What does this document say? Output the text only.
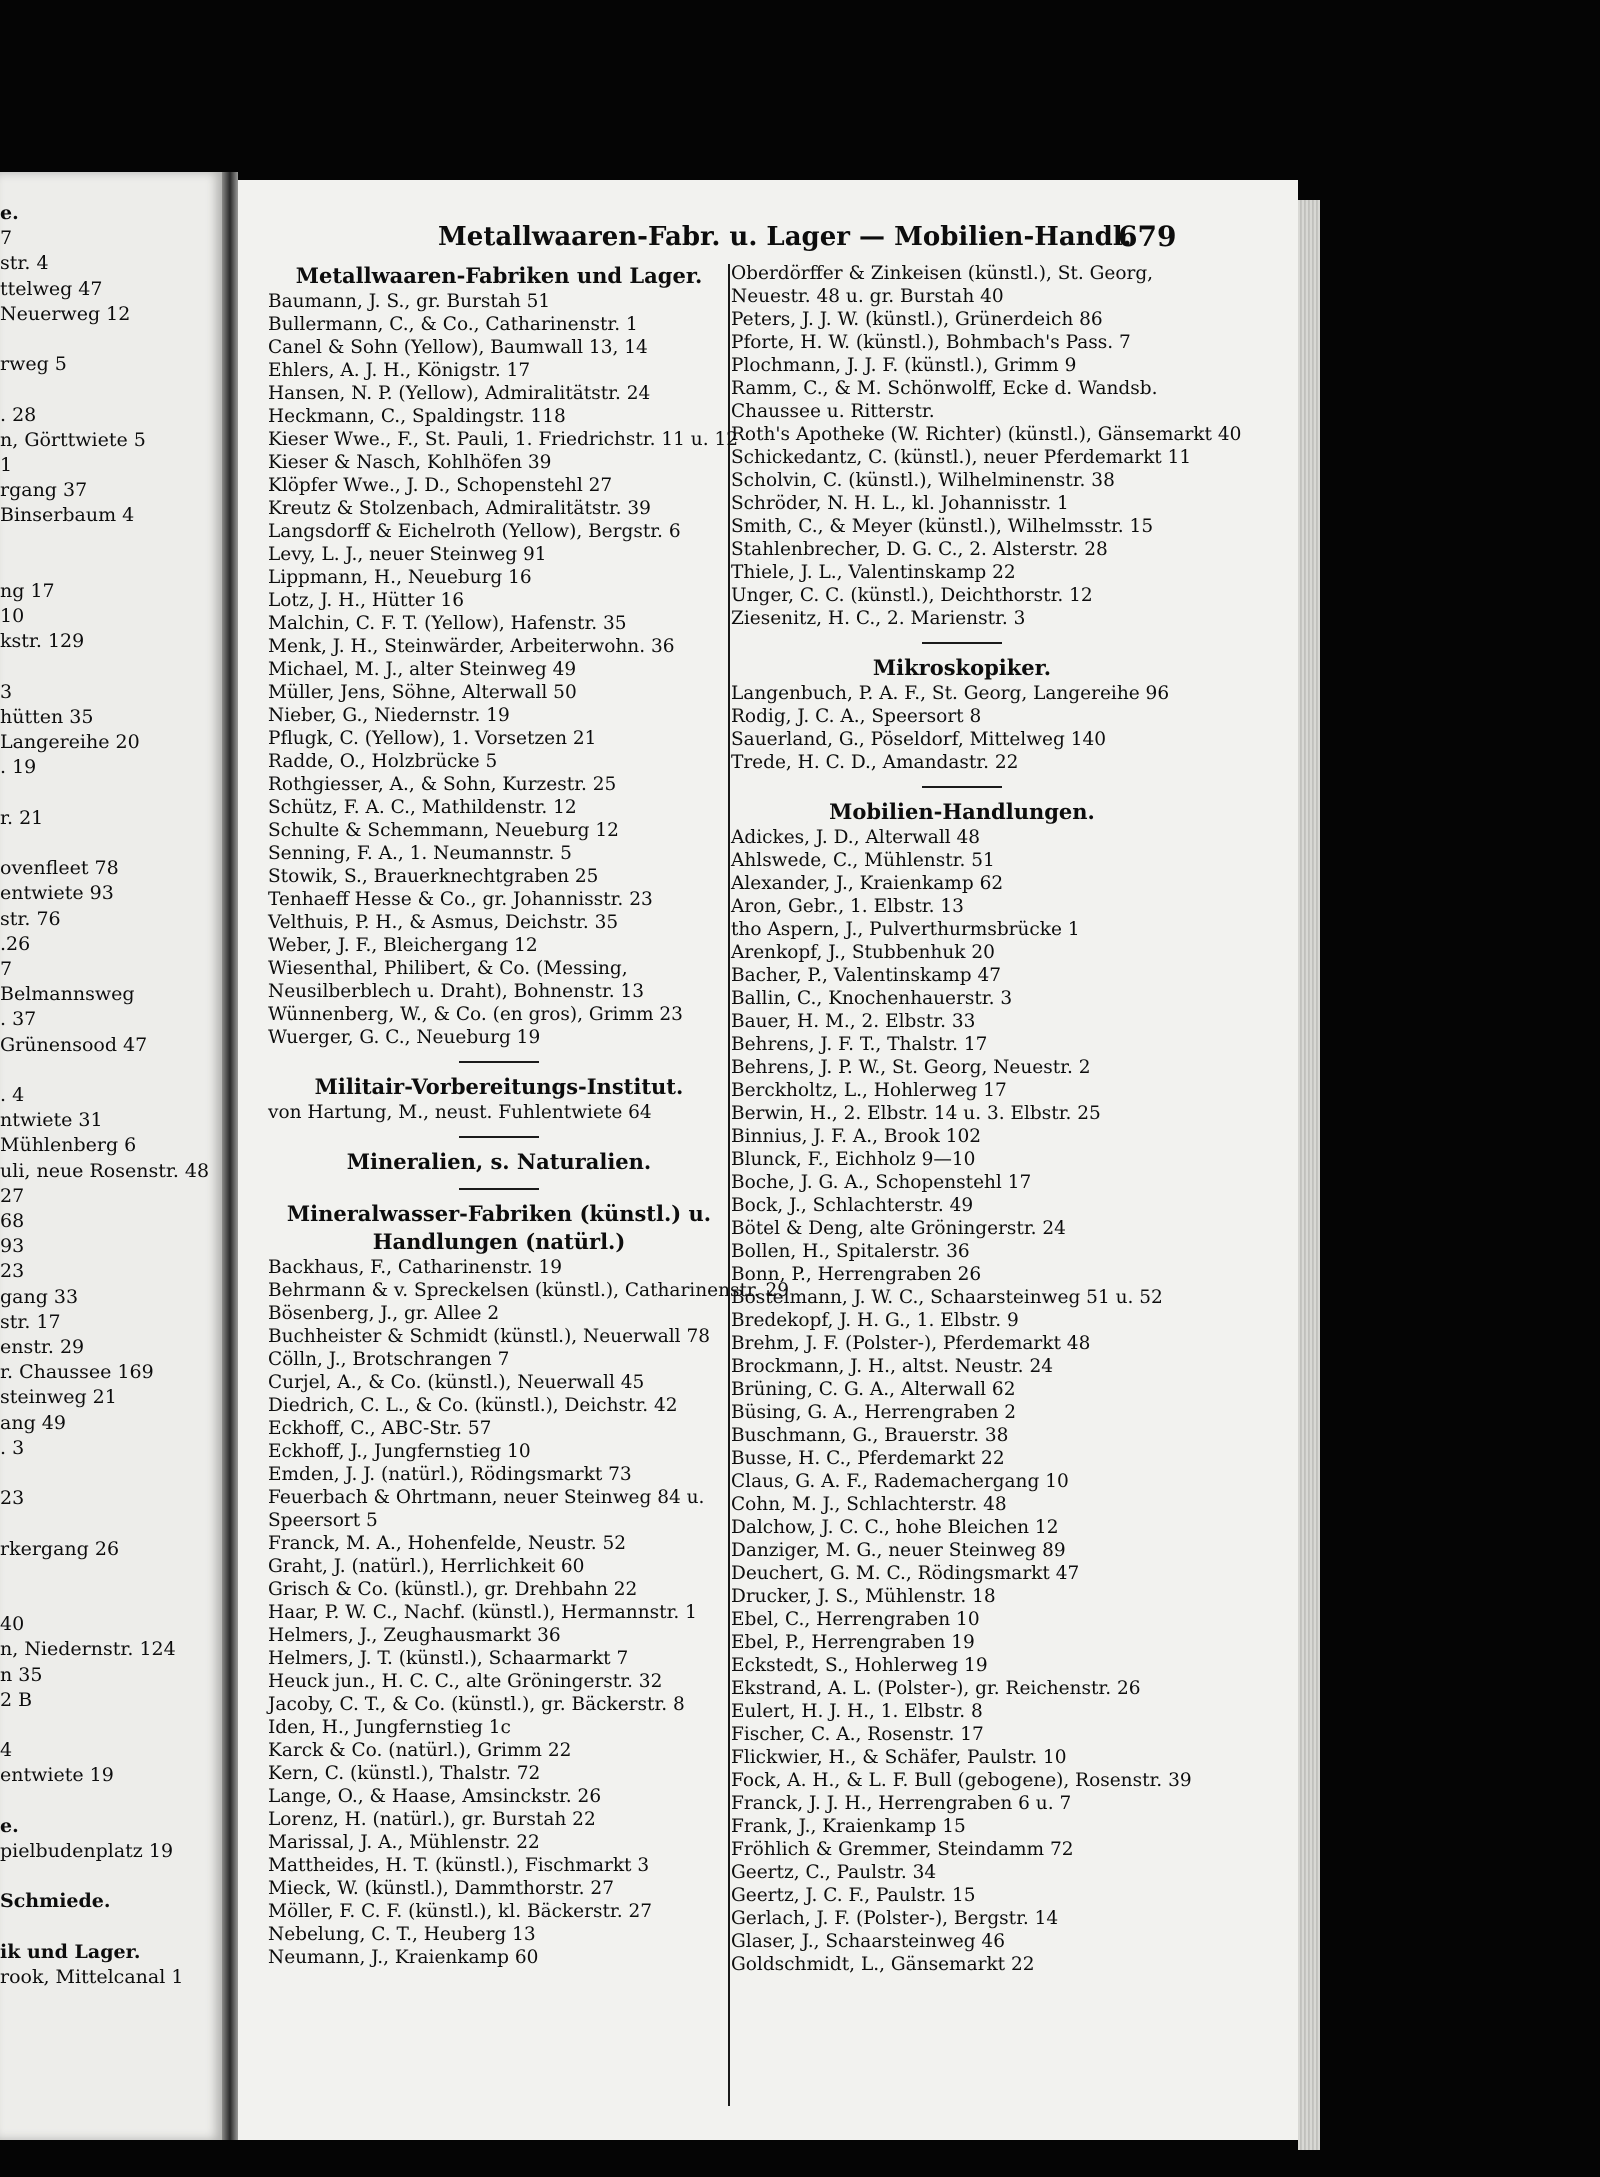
e.
7
str. 4
ttelweg 47
Neuerweg 12
rweg 5
. 28
n, Görttwiete 5
1
rgang 37
Binserbaum 4
ng 17
10
kstr. 129
3
hütten 35
Langereihe 20
. 19
r. 21
ovenfleet 78
entwiete 93
str. 76
.26
7
Belmannsweg
. 37
Grünensood 47
. 4
ntwiete 31
Mühlenberg 6
uli, neue Rosenstr. 48
27
68
93
23
gang 33
str. 17
enstr. 29
r. Chaussee 169
steinweg 21
ang 49
. 3
23
rkergang 26
40
n, Niedernstr. 124
n 35
2 B
4
entwiete 19
e.
pielbudenplatz 19
Schmiede.
ik und Lager.
rook, Mittelcanal 1
Metallwaaren-Fabr. u. Lager — Mobilien-Handl.
679
Metallwaaren-Fabriken und Lager.
Baumann, J. S., gr. Burstah 51
Bullermann, C., & Co., Catharinenstr. 1
Canel & Sohn (Yellow), Baumwall 13, 14
Ehlers, A. J. H., Königstr. 17
Hansen, N. P. (Yellow), Admiralitätstr. 24
Heckmann, C., Spaldingstr. 118
Kieser Wwe., F., St. Pauli, 1. Friedrichstr. 11 u. 12
Kieser & Nasch, Kohlhöfen 39
Klöpfer Wwe., J. D., Schopenstehl 27
Kreutz & Stolzenbach, Admiralitätstr. 39
Langsdorff & Eichelroth (Yellow), Bergstr. 6
Levy, L. J., neuer Steinweg 91
Lippmann, H., Neueburg 16
Lotz, J. H., Hütter 16
Malchin, C. F. T. (Yellow), Hafenstr. 35
Menk, J. H., Steinwärder, Arbeiterwohn. 36
Michael, M. J., alter Steinweg 49
Müller, Jens, Söhne, Alterwall 50
Nieber, G., Niedernstr. 19
Pflugk, C. (Yellow), 1. Vorsetzen 21
Radde, O., Holzbrücke 5
Rothgiesser, A., & Sohn, Kurzestr. 25
Schütz, F. A. C., Mathildenstr. 12
Schulte & Schemmann, Neueburg 12
Senning, F. A., 1. Neumannstr. 5
Stowik, S., Brauerknechtgraben 25
Tenhaeff Hesse & Co., gr. Johannisstr. 23
Velthuis, P. H., & Asmus, Deichstr. 35
Weber, J. F., Bleichergang 12
Wiesenthal, Philibert, & Co. (Messing, Neusilberblech u. Draht), Bohnenstr. 13
Wünnenberg, W., & Co. (en gros), Grimm 23
Wuerger, G. C., Neueburg 19
Militair-Vorbereitungs-Institut.
von Hartung, M., neust. Fuhlentwiete 64
Mineralien, s. Naturalien.
Mineralwasser-Fabriken (künstl.) u. Handlungen (natürl.)
Backhaus, F., Catharinenstr. 19
Behrmann & v. Spreckelsen (künstl.), Catharinenstr. 29
Bösenberg, J., gr. Allee 2
Buchheister & Schmidt (künstl.), Neuerwall 78
Cölln, J., Brotschrangen 7
Curjel, A., & Co. (künstl.), Neuerwall 45
Diedrich, C. L., & Co. (künstl.), Deichstr. 42
Eckhoff, C., ABC-Str. 57
Eckhoff, J., Jungfernstieg 10
Emden, J. J. (natürl.), Rödingsmarkt 73
Feuerbach & Ohrtmann, neuer Steinweg 84 u. Speersort 5
Franck, M. A., Hohenfelde, Neustr. 52
Graht, J. (natürl.), Herrlichkeit 60
Grisch & Co. (künstl.), gr. Drehbahn 22
Haar, P. W. C., Nachf. (künstl.), Hermannstr. 1
Helmers, J., Zeughausmarkt 36
Helmers, J. T. (künstl.), Schaarmarkt 7
Heuck jun., H. C. C., alte Gröningerstr. 32
Jacoby, C. T., & Co. (künstl.), gr. Bäckerstr. 8
Iden, H., Jungfernstieg 1c
Karck & Co. (natürl.), Grimm 22
Kern, C. (künstl.), Thalstr. 72
Lange, O., & Haase, Amsinckstr. 26
Lorenz, H. (natürl.), gr. Burstah 22
Marissal, J. A., Mühlenstr. 22
Mattheides, H. T. (künstl.), Fischmarkt 3
Mieck, W. (künstl.), Dammthorstr. 27
Möller, F. C. F. (künstl.), kl. Bäckerstr. 27
Nebelung, C. T., Heuberg 13
Neumann, J., Kraienkamp 60
Oberdörffer & Zinkeisen (künstl.), St. Georg, Neuestr. 48 u. gr. Burstah 40
Peters, J. J. W. (künstl.), Grünerdeich 86
Pforte, H. W. (künstl.), Bohmbach's Pass. 7
Plochmann, J. J. F. (künstl.), Grimm 9
Ramm, C., & M. Schönwolff, Ecke d. Wandsb. Chaussee u. Ritterstr.
Roth's Apotheke (W. Richter) (künstl.), Gänsemarkt 40
Schickedantz, C. (künstl.), neuer Pferdemarkt 11
Scholvin, C. (künstl.), Wilhelminenstr. 38
Schröder, N. H. L., kl. Johannisstr. 1
Smith, C., & Meyer (künstl.), Wilhelmsstr. 15
Stahlenbrecher, D. G. C., 2. Alsterstr. 28
Thiele, J. L., Valentinskamp 22
Unger, C. C. (künstl.), Deichthorstr. 12
Ziesenitz, H. C., 2. Marienstr. 3
Mikroskopiker.
Langenbuch, P. A. F., St. Georg, Langereihe 96
Rodig, J. C. A., Speersort 8
Sauerland, G., Pöseldorf, Mittelweg 140
Trede, H. C. D., Amandastr. 22
Mobilien-Handlungen.
Adickes, J. D., Alterwall 48
Ahlswede, C., Mühlenstr. 51
Alexander, J., Kraienkamp 62
Aron, Gebr., 1. Elbstr. 13
tho Aspern, J., Pulverthurmsbrücke 1
Arenkopf, J., Stubbenhuk 20
Bacher, P., Valentinskamp 47
Ballin, C., Knochenhauerstr. 3
Bauer, H. M., 2. Elbstr. 33
Behrens, J. F. T., Thalstr. 17
Behrens, J. P. W., St. Georg, Neuestr. 2
Berckholtz, L., Hohlerweg 17
Berwin, H., 2. Elbstr. 14 u. 3. Elbstr. 25
Binnius, J. F. A., Brook 102
Blunck, F., Eichholz 9—10
Boche, J. G. A., Schopenstehl 17
Bock, J., Schlachterstr. 49
Bötel & Deng, alte Gröningerstr. 24
Bollen, H., Spitalerstr. 36
Bonn, P., Herrengraben 26
Bostelmann, J. W. C., Schaarsteinweg 51 u. 52
Bredekopf, J. H. G., 1. Elbstr. 9
Brehm, J. F. (Polster-), Pferdemarkt 48
Brockmann, J. H., altst. Neustr. 24
Brüning, C. G. A., Alterwall 62
Büsing, G. A., Herrengraben 2
Buschmann, G., Brauerstr. 38
Busse, H. C., Pferdemarkt 22
Claus, G. A. F., Rademachergang 10
Cohn, M. J., Schlachterstr. 48
Dalchow, J. C. C., hohe Bleichen 12
Danziger, M. G., neuer Steinweg 89
Deuchert, G. M. C., Rödingsmarkt 47
Drucker, J. S., Mühlenstr. 18
Ebel, C., Herrengraben 10
Ebel, P., Herrengraben 19
Eckstedt, S., Hohlerweg 19
Ekstrand, A. L. (Polster-), gr. Reichenstr. 26
Eulert, H. J. H., 1. Elbstr. 8
Fischer, C. A., Rosenstr. 17
Flickwier, H., & Schäfer, Paulstr. 10
Fock, A. H., & L. F. Bull (gebogene), Rosenstr. 39
Franck, J. J. H., Herrengraben 6 u. 7
Frank, J., Kraienkamp 15
Fröhlich & Gremmer, Steindamm 72
Geertz, C., Paulstr. 34
Geertz, J. C. F., Paulstr. 15
Gerlach, J. F. (Polster-), Bergstr. 14
Glaser, J., Schaarsteinweg 46
Goldschmidt, L., Gänsemarkt 22
